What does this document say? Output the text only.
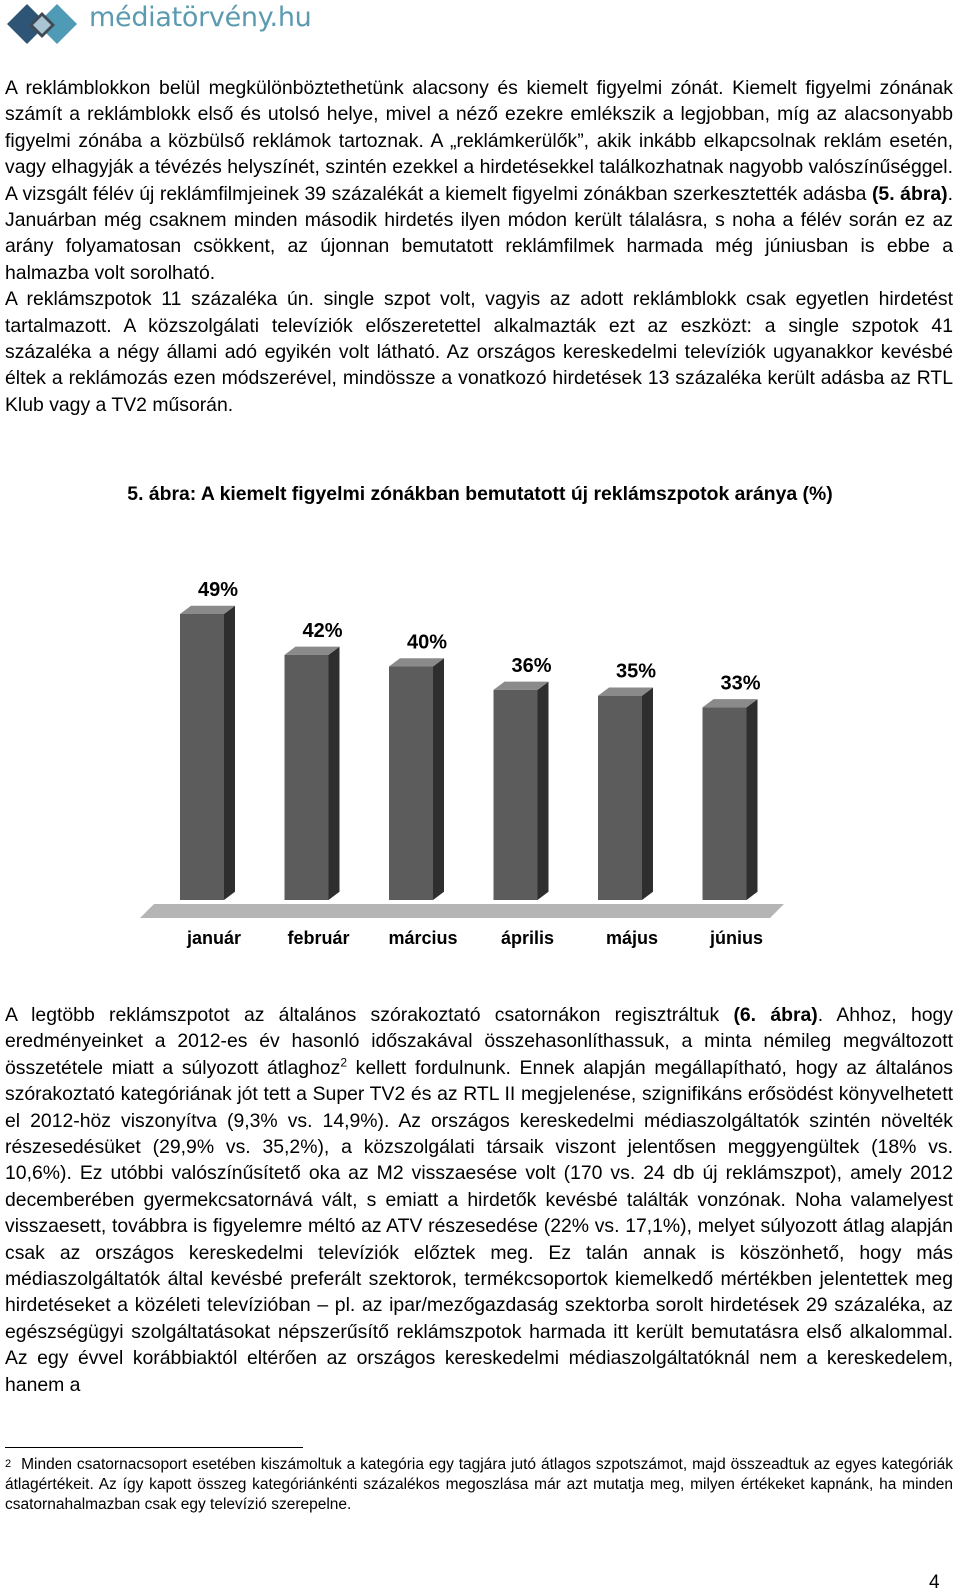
médiatörvény.hu

A reklámblokkon belül megkülönböztethetünk alacsony és kiemelt figyelmi zónát. Kiemelt figyelmi zónának számít a reklámblokk első és utolsó helye, mivel a néző ezekre emlékszik a legjobban, míg az alacsonyabb figyelmi zónába a közbülső reklámok tartoznak. A „reklámkerülők”, akik inkább elkapcsolnak reklám esetén, vagy elhagyják a tévézés helyszínét, szintén ezekkel a hirdetésekkel találkozhatnak nagyobb valószínűséggel. A vizsgált félév új reklámfilmjeinek 39 százalékát a kiemelt figyelmi zónákban szerkesztették adásba (5. ábra). Januárban még csaknem minden második hirdetés ilyen módon került tálalásra, s noha a félév során ez az arány folyamatosan csökkent, az újonnan bemutatott reklámfilmek harmada még júniusban is ebbe a halmazba volt sorolható.

A reklámszpotok 11 százaléka ún. single szpot volt, vagyis az adott reklámblokk csak egyetlen hirdetést tartalmazott. A közszolgálati televíziók előszeretettel alkalmazták ezt az eszközt: a single szpotok 41 százaléka a négy állami adó egyikén volt látható. Az országos kereskedelmi televíziók ugyanakkor kevésbé éltek a reklámozás ezen módszerével, mindössze a vonatkozó hirdetések 13 százaléka került adásba az RTL Klub vagy a TV2 műsorán.

5. ábra: A kiemelt figyelmi zónákban bemutatott új reklámszpotok aránya (%)
49%
január
42%
február
40%
március
36%
április
35%
május
33%
június

A legtöbb reklámszpotot az általános szórakoztató csatornákon regisztráltuk (6. ábra). Ahhoz, hogy eredményeinket a 2012-es év hasonló időszakával összehasonlíthassuk, a minta némileg megváltozott összetétele miatt a súlyozott átlaghoz$^2$ kellett fordulnunk. Ennek alapján megállapítható, hogy az általános szórakoztató kategóriának jót tett a Super TV2 és az RTL II megjelenése, szignifikáns erősödést könyvelhetett el 2012-höz viszonyítva (9,3% vs. 14,9%). Az országos kereskedelmi médiaszolgáltatók szintén növelték részesedésüket (29,9% vs. 35,2%), a közszolgálati társaik viszont jelentősen meggyengültek (18% vs. 10,6%). Ez utóbbi valószínűsítető oka az M2 visszaesése volt (170 vs. 24 db új reklámszpot), amely 2012 decemberében gyermekcsatornává vált, s emiatt a hirdetők kevésbé találták vonzónak. Noha valamelyest visszaesett, továbbra is figyelemre méltó az ATV részesedése (22% vs. 17,1%), melyet súlyozott átlag alapján csak az országos kereskedelmi televíziók előztek meg. Ez talán annak is köszönhető, hogy más médiaszolgáltatók által kevésbé preferált szektorok, termékcsoportok kiemelkedő mértékben jelentettek meg hirdetéseket a közéleti televízióban – pl. az ipar/mezőgazdaság szektorba sorolt hirdetések 29 százaléka, az egészségügyi szolgáltatásokat népszerűsítő reklámszpotok harmada itt került bemutatásra első alkalommal. Az egy évvel korábbiaktól eltérően az országos kereskedelmi médiaszolgáltatóknál nem a kereskedelem, hanem a

$^2$ Minden csatornacsoport esetében kiszámoltuk a kategória egy tagjára jutó átlagos szpotszámot, majd összeadtuk az egyes kategóriák átlagértékeit. Az így kapott összeg kategóriánkénti százalékos megoszlása már azt mutatja meg, milyen értékeket kapnánk, ha minden csatornahalmazban csak egy televízió szerepelne.

4
